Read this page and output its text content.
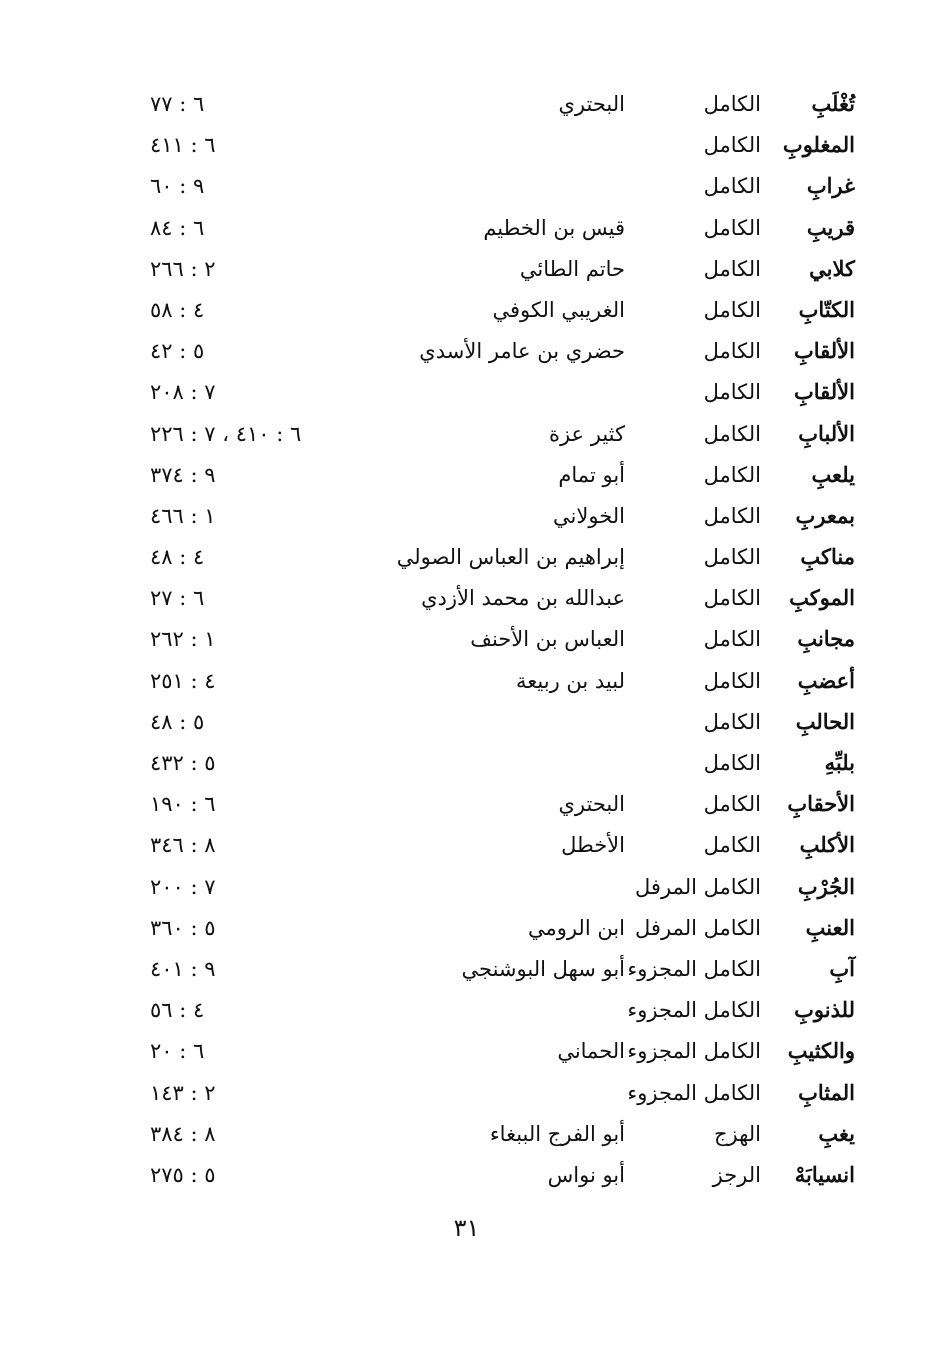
تُغْلَبِ
الكامل
البحتري
٦ : ٧٧
المغلوبِ
الكامل
٦ : ٤١١
غرابِ
الكامل
٩ : ٦٠
قريبِ
الكامل
قيس بن الخطيم
٦ : ٨٤
كلابي
الكامل
حاتم الطائي
٢ : ٢٦٦
الكتّابِ
الكامل
الغريبي الكوفي
٤ : ٥٨
الألقابِ
الكامل
حضري بن عامر الأسدي
٥ : ٤٢
الألقابِ
الكامل
٧ : ٢٠٨
الألبابِ
الكامل
كثير عزة
٦ : ٤١٠ ، ٧ : ٢٢٦
يلعبِ
الكامل
أبو تمام
٩ : ٣٧٤
بمعربِ
الكامل
الخولاني
١ : ٤٦٦
مناكبِ
الكامل
إبراهيم بن العباس الصولي
٤ : ٤٨
الموكبِ
الكامل
عبدالله بن محمد الأزدي
٦ : ٢٧
مجانبِ
الكامل
العباس بن الأحنف
١ : ٢٦٢
أعضبِ
الكامل
لبيد بن ربيعة
٤ : ٢٥١
الحالبِ
الكامل
٥ : ٤٨
بلبِّهِ
الكامل
٥ : ٤٣٢
الأحقابِ
الكامل
البحتري
٦ : ١٩٠
الأكلبِ
الكامل
الأخطل
٨ : ٣٤٦
الجُرْبِ
الكامل المرفل
٧ : ٢٠٠
العنبِ
الكامل المرفل
ابن الرومي
٥ : ٣٦٠
آبِ
الكامل المجزوء
أبو سهل البوشنجي
٩ : ٤٠١
للذنوبِ
الكامل المجزوء
٤ : ٥٦
والكثيبِ
الكامل المجزوء
الحماني
٦ : ٢٠
المثابِ
الكامل المجزوء
٢ : ١٤٣
يغبِ
الهزج
أبو الفرج الببغاء
٨ : ٣٨٤
انسيابَهْ
الرجز
أبو نواس
٥ : ٢٧٥
٣١
